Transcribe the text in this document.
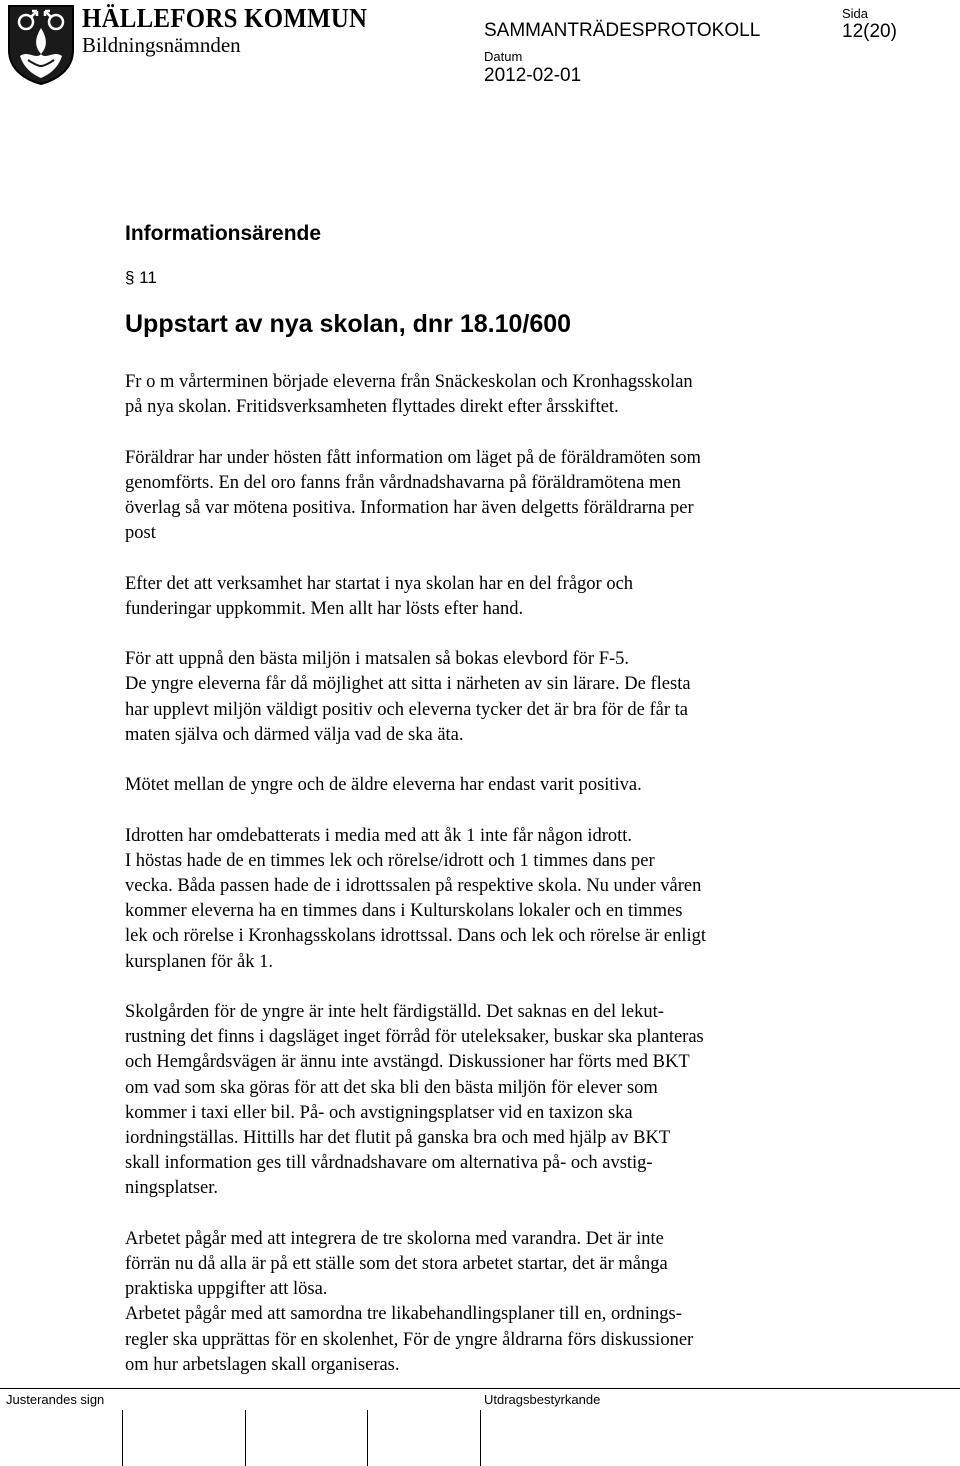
HÄLLEFORS KOMMUN
Bildningsnämnden
SAMMANTRÄDESPROTOKOLL
Sida
12(20)
Datum
2012-02-01
Informationsärende
§ 11
Uppstart av nya skolan, dnr 18.10/600

Fr o m vårterminen började eleverna från Snäckeskolan och Kronhagsskolan
på nya skolan. Fritidsverksamheten flyttades direkt efter årsskiftet.

Föräldrar har under hösten fått information om läget på de föräldramöten som
genomförts. En del oro fanns från vårdnadshavarna på föräldramötena men
överlag så var mötena positiva. Information har även delgetts föräldrarna per
post

Efter det att verksamhet har startat i nya skolan har en del frågor och
funderingar uppkommit. Men allt har lösts efter hand.

För att uppnå den bästa miljön i matsalen så bokas elevbord för F-5.
De yngre eleverna får då möjlighet att sitta i närheten av sin lärare. De flesta
har upplevt miljön väldigt positiv och eleverna tycker det är bra för de får ta
maten själva och därmed välja vad de ska äta.

Mötet mellan de yngre och de äldre eleverna har endast varit positiva.

Idrotten har omdebatterats i media med att åk 1 inte får någon idrott.
I höstas hade de en timmes lek och rörelse/idrott och 1 timmes dans per
vecka. Båda passen hade de i idrottssalen på respektive skola. Nu under våren
kommer eleverna ha en timmes dans i Kulturskolans lokaler och en timmes
lek och rörelse i Kronhagsskolans idrottssal. Dans och lek och rörelse är enligt
kursplanen för åk 1.

Skolgården för de yngre är inte helt färdigställd. Det saknas en del lekut-
rustning det finns i dagsläget inget förråd för uteleksaker, buskar ska planteras
och Hemgårdsvägen är ännu inte avstängd. Diskussioner har förts med BKT
om vad som ska göras för att det ska bli den bästa miljön för elever som
kommer i taxi eller bil. På- och avstigningsplatser vid en taxizon ska
iordningställas. Hittills har det flutit på ganska bra och med hjälp av BKT
skall information ges till vårdnadshavare om alternativa på- och avstig-
ningsplatser.

Arbetet pågår med att integrera de tre skolorna med varandra. Det är inte
förrän nu då alla är på ett ställe som det stora arbetet startar, det är många
praktiska uppgifter att lösa.

Arbetet pågår med att samordna tre likabehandlingsplaner till en, ordnings-
regler ska upprättas för en skolenhet, För de yngre åldrarna förs diskussioner
om hur arbetslagen skall organiseras.

Justerandes sign	Utdragsbestyrkande
